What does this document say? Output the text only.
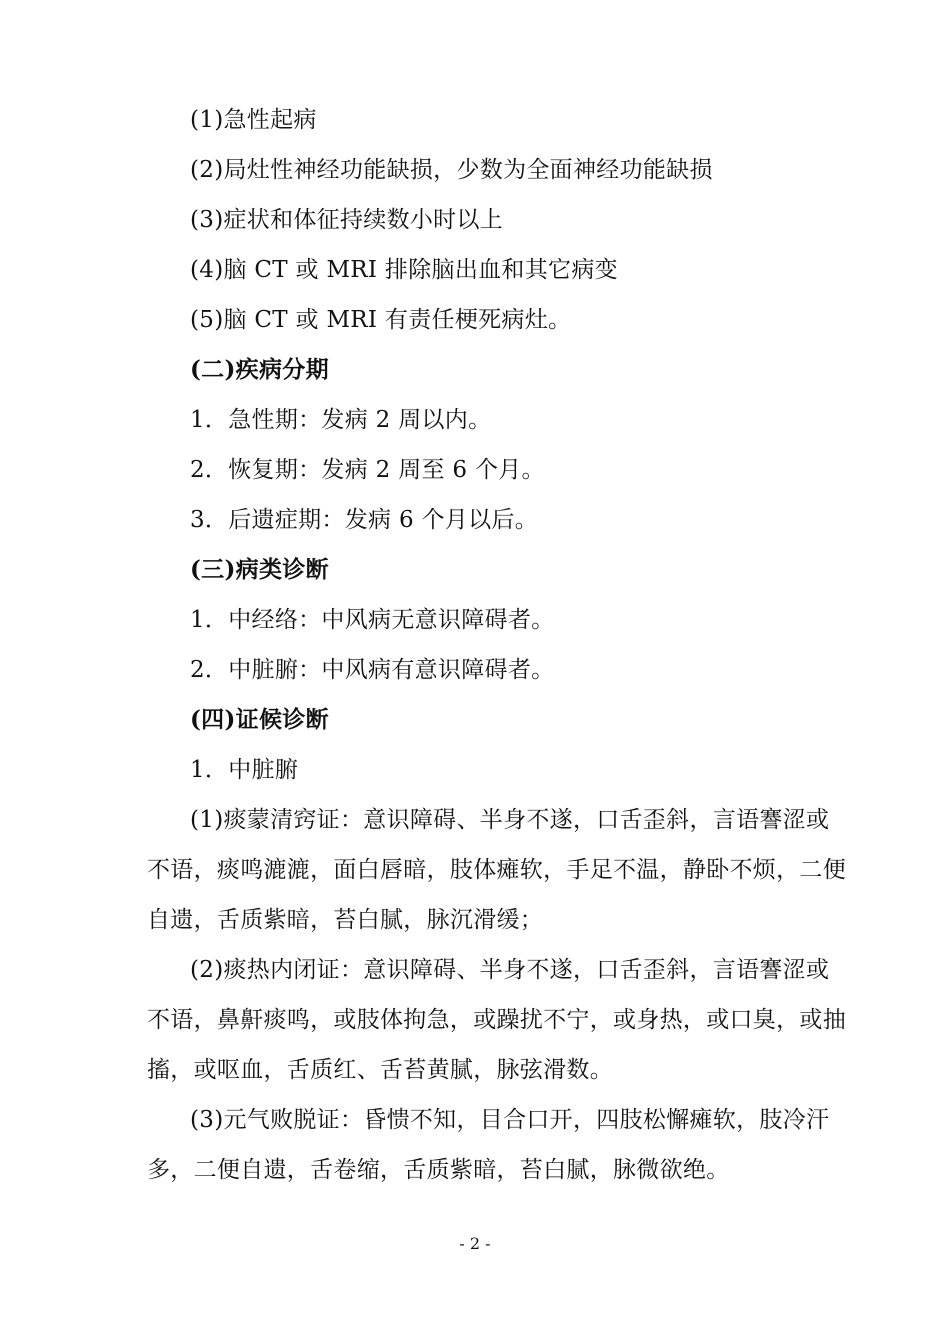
(1)急性起病
(2)局灶性神经功能缺损，少数为全面神经功能缺损
(3)症状和体征持续数小时以上
(4)脑 CT 或 MRI 排除脑出血和其它病变
(5)脑 CT 或 MRI 有责任梗死病灶。
(二)疾病分期
1．急性期：发病 2 周以内。
2．恢复期：发病 2 周至 6 个月。
3．后遗症期：发病 6 个月以后。
(三)病类诊断
1．中经络：中风病无意识障碍者。
2．中脏腑：中风病有意识障碍者。
(四)证候诊断
1．中脏腑
(1)痰蒙清窍证：意识障碍、半身不遂，口舌歪斜，言语謇涩或
不语，痰鸣漉漉，面白唇暗，肢体瘫软，手足不温，静卧不烦，二便
自遗，舌质紫暗，苔白腻，脉沉滑缓；
(2)痰热内闭证：意识障碍、半身不遂，口舌歪斜，言语謇涩或
不语，鼻鼾痰鸣，或肢体拘急，或躁扰不宁，或身热，或口臭，或抽
搐，或呕血，舌质红、舌苔黄腻，脉弦滑数。
(3)元气败脱证：昏愦不知，目合口开，四肢松懈瘫软，肢冷汗
多，二便自遗，舌卷缩，舌质紫暗，苔白腻，脉微欲绝。
- 2 -
